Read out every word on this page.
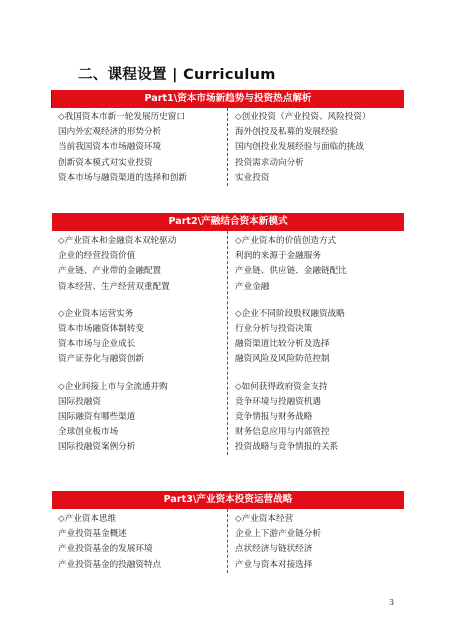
二、课程设置 | Curriculum
Part1\资本市场新趋势与投资热点解析
◇我国资本市新一轮发展历史窗口
国内外宏观经济的形势分析
当前我国资本市场融资环境
创新资本模式对实业投资
资本市场与融资渠道的选择和创新
◇创业投资（产业投资、风险投资）
海外创投及私募的发展经验
国内创投业发展经验与面临的挑战
投资需求动向分析
实业投资
Part2\产融结合资本新模式
◇产业资本和金融资本双轮驱动
企业的经营投资价值
产业链、产业带的金融配置
资本经营、生产经营双重配置
◇企业资本运营实务
资本市场融资体制转变
资本市场与企业成长
资产证券化与融资创新
◇企业间接上市与全流通并购
国际投融资
国际融资有哪些渠道
全球创业板市场
国际投融资案例分析
◇产业资本的价值创造方式
利润的来源于金融服务
产业链、供应链、金融链配比
产业金融
◇企业不同阶段股权融资战略
行业分析与投资决策
融资渠道比较分析及选择
融资风险及风险防范控制
◇如何获得政府资金支持
竞争环境与投融资机遇
竞争情报与财务战略
财务信息应用与内部管控
投资战略与竞争情报的关系
Part3\产业资本投资运营战略
◇产业资本思维
产业投资基金概述
产业投资基金的发展环境
产业投资基金的投融资特点
◇产业资本经营
企业上下游产业链分析
点状经济与链状经济
产业与资本对接选择
3
